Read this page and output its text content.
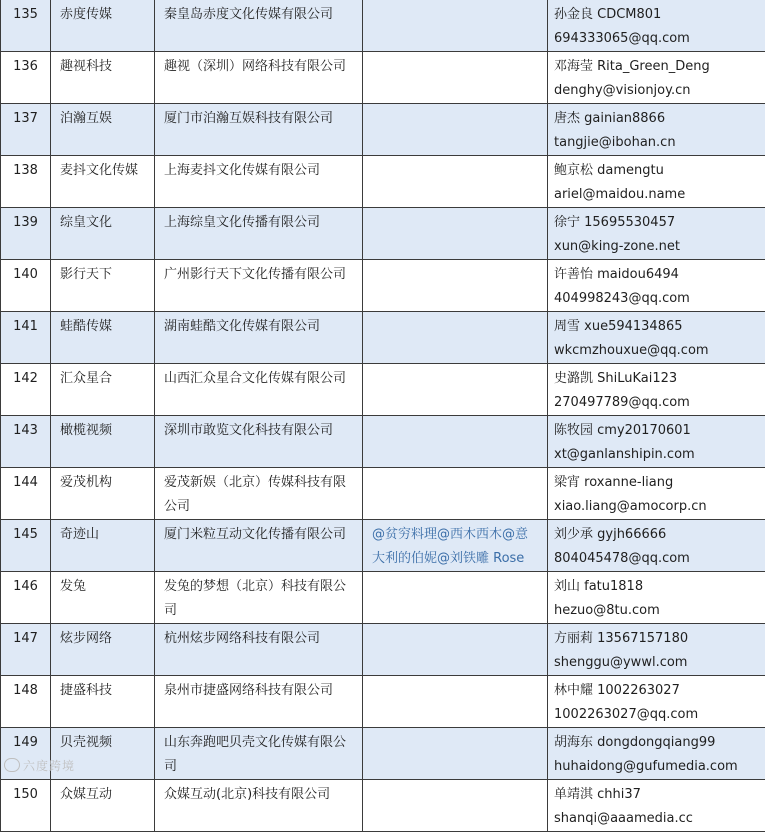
135	赤度传媒	秦皇岛赤度文化传媒有限公司		孙金良 CDCM801
694333065@qq.com

136	趣视科技	趣视（深圳）网络科技有限公司		邓海莹 Rita_Green_Deng
denghy@visionjoy.cn

137	泊瀚互娱	厦门市泊瀚互娱科技有限公司		唐杰 gainian8866
tangjie@ibohan.cn

138	麦抖文化传媒	上海麦抖文化传媒有限公司		鲍京松 damengtu
ariel@maidou.name

139	综皇文化	上海综皇文化传播有限公司		徐宁 15695530457
xun@king-zone.net

140	影行天下	广州影行天下文化传播有限公司		许善怡 maidou6494
404998243@qq.com

141	蛙酷传媒	湖南蛙酷文化传媒有限公司		周雪 xue594134865
wkcmzhouxue@qq.com

142	汇众星合	山西汇众星合文化传媒有限公司		史潞凯 ShiLuKai123
270497789@qq.com

143	橄榄视频	深圳市敢览文化科技有限公司		陈牧园 cmy20170601
xt@ganlanshipin.com

144	爱茂机构	爱茂新娱（北京）传媒科技有限公司		梁宵 roxanne-liang
xiao.liang@amocorp.cn

145	奇迹山	厦门米粒互动文化传播有限公司	@贫穷料理@西木西木@意大利的伯妮@刘铁雕 Rose	刘少承 gyjh66666
804045478@qq.com

146	发兔	发兔的梦想（北京）科技有限公司		刘山 fatu1818
hezuo@8tu.com

147	炫步网络	杭州炫步网络科技有限公司		方丽莉 13567157180
shenggu@ywwl.com

148	捷盛科技	泉州市捷盛网络科技有限公司		林中耀 1002263027
1002263027@qq.com

149	贝壳视频	山东奔跑吧贝壳文化传媒有限公司		胡海东 dongdongqiang99
huhaidong@gufumedia.com

150	众媒互动	众媒互动(北京)科技有限公司		单靖淇 chhi37
shanqi@aaamedia.cc
六度跨境
